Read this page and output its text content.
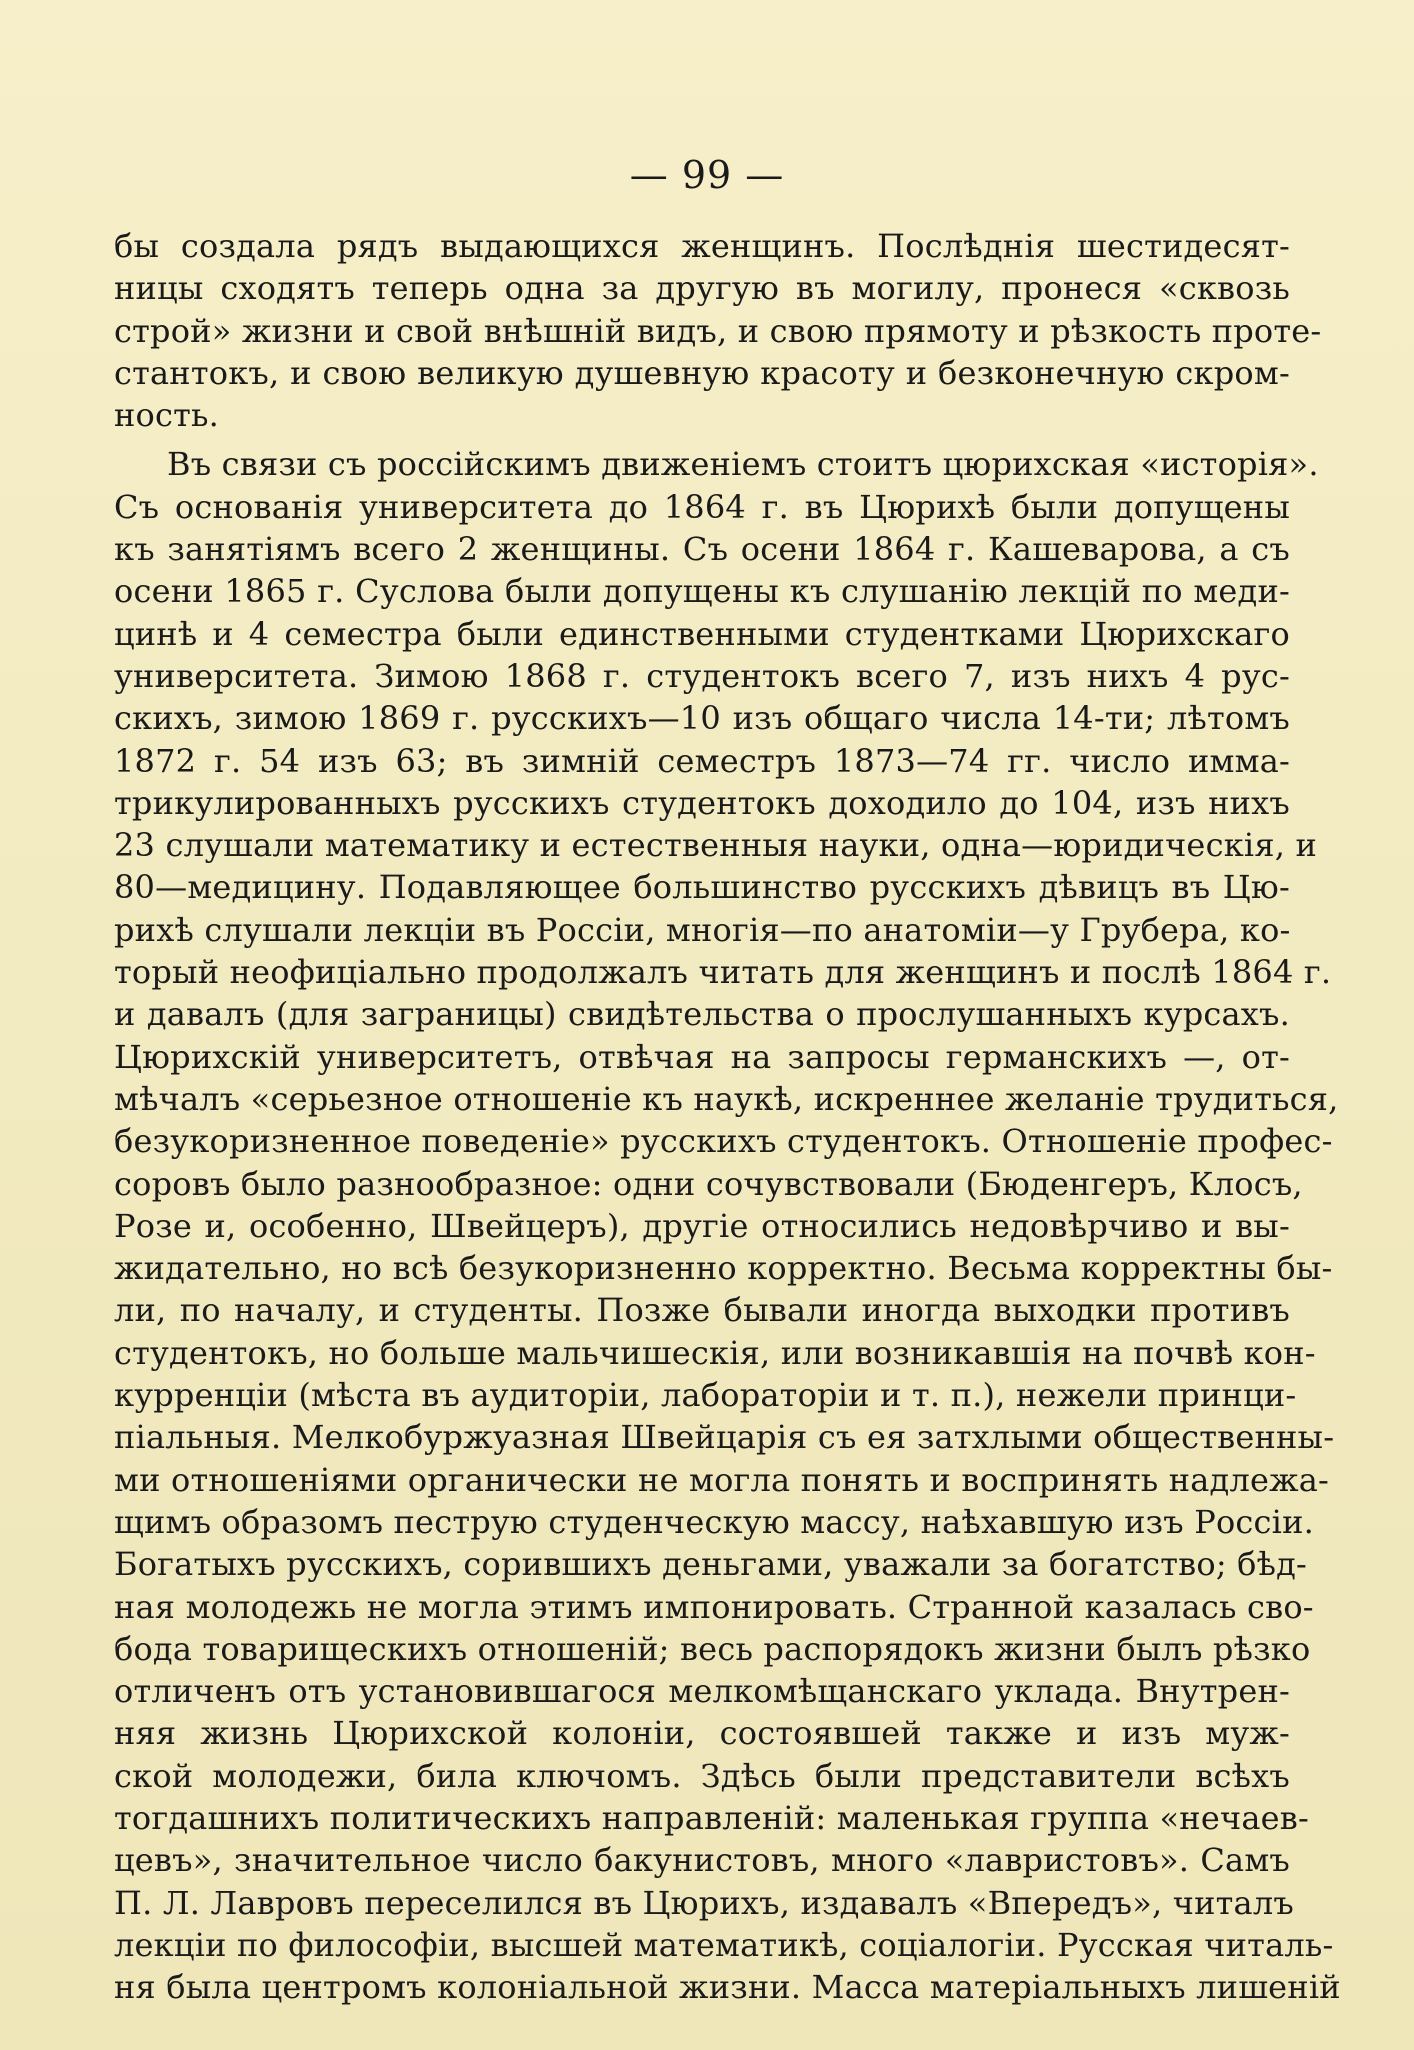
— 99 —
бы создала рядъ выдающихся женщинъ. Послѣднія шестидесят-
ницы сходятъ теперь одна за другую въ могилу, пронеся «сквозь
строй» жизни и свой внѣшній видъ, и свою прямоту и рѣзкость проте-
стантокъ, и свою великую душевную красоту и безконечную скром-
ность.
Въ связи съ россійскимъ движеніемъ стоитъ цюрихская «исторія».
Съ основанія университета до 1864 г. въ Цюрихѣ были допущены
къ занятіямъ всего 2 женщины. Съ осени 1864 г. Кашеварова, а съ
осени 1865 г. Суслова были допущены къ слушанію лекцій по меди-
цинѣ и 4 семестра были единственными студентками Цюрихскаго
университета. Зимою 1868 г. студентокъ всего 7, изъ нихъ 4 рус-
скихъ, зимою 1869 г. русскихъ—10 изъ общаго числа 14-ти; лѣтомъ
1872 г. 54 изъ 63; въ зимній семестръ 1873—74 гг. число имма-
трикулированныхъ русскихъ студентокъ доходило до 104, изъ нихъ
23 слушали математику и естественныя науки, одна—юридическія, и
80—медицину. Подавляющее большинство русскихъ дѣвицъ въ Цю-
рихѣ слушали лекціи въ Россіи, многія—по анатоміи—у Грубера, ко-
торый неофиціально продолжалъ читать для женщинъ и послѣ 1864 г.
и давалъ (для заграницы) свидѣтельства о прослушанныхъ курсахъ.
Цюрихскій университетъ, отвѣчая на запросы германскихъ —, от-
мѣчалъ «серьезное отношеніе къ наукѣ, искреннее желаніе трудиться,
безукоризненное поведеніе» русскихъ студентокъ. Отношеніе профес-
соровъ было разнообразное: одни сочувствовали (Бюденгеръ, Клосъ,
Розе и, особенно, Швейцеръ), другіе относились недовѣрчиво и вы-
жидательно, но всѣ безукоризненно корректно. Весьма корректны бы-
ли, по началу, и студенты. Позже бывали иногда выходки противъ
студентокъ, но больше мальчишескія, или возникавшія на почвѣ кон-
курренціи (мѣста въ аудиторіи, лабораторіи и т. п.), нежели принци-
піальныя. Мелкобуржуазная Швейцарія съ ея затхлыми общественны-
ми отношеніями органически не могла понять и воспринять надлежа-
щимъ образомъ пеструю студенческую массу, наѣхавшую изъ Россіи.
Богатыхъ русскихъ, сорившихъ деньгами, уважали за богатство; бѣд-
ная молодежь не могла этимъ импонировать. Странной казалась сво-
бода товарищескихъ отношеній; весь распорядокъ жизни былъ рѣзко
отличенъ отъ установившагося мелкомѣщанскаго уклада. Внутрен-
няя жизнь Цюрихской колоніи, состоявшей также и изъ муж-
ской молодежи, била ключомъ. Здѣсь были представители всѣхъ
тогдашнихъ политическихъ направленій: маленькая группа «нечаев-
цевъ», значительное число бакунистовъ, много «лавристовъ». Самъ
П. Л. Лавровъ переселился въ Цюрихъ, издавалъ «Впередъ», читалъ
лекціи по философіи, высшей математикѣ, соціалогіи. Русская читаль-
ня была центромъ колоніальной жизни. Масса матеріальныхъ лишеній
